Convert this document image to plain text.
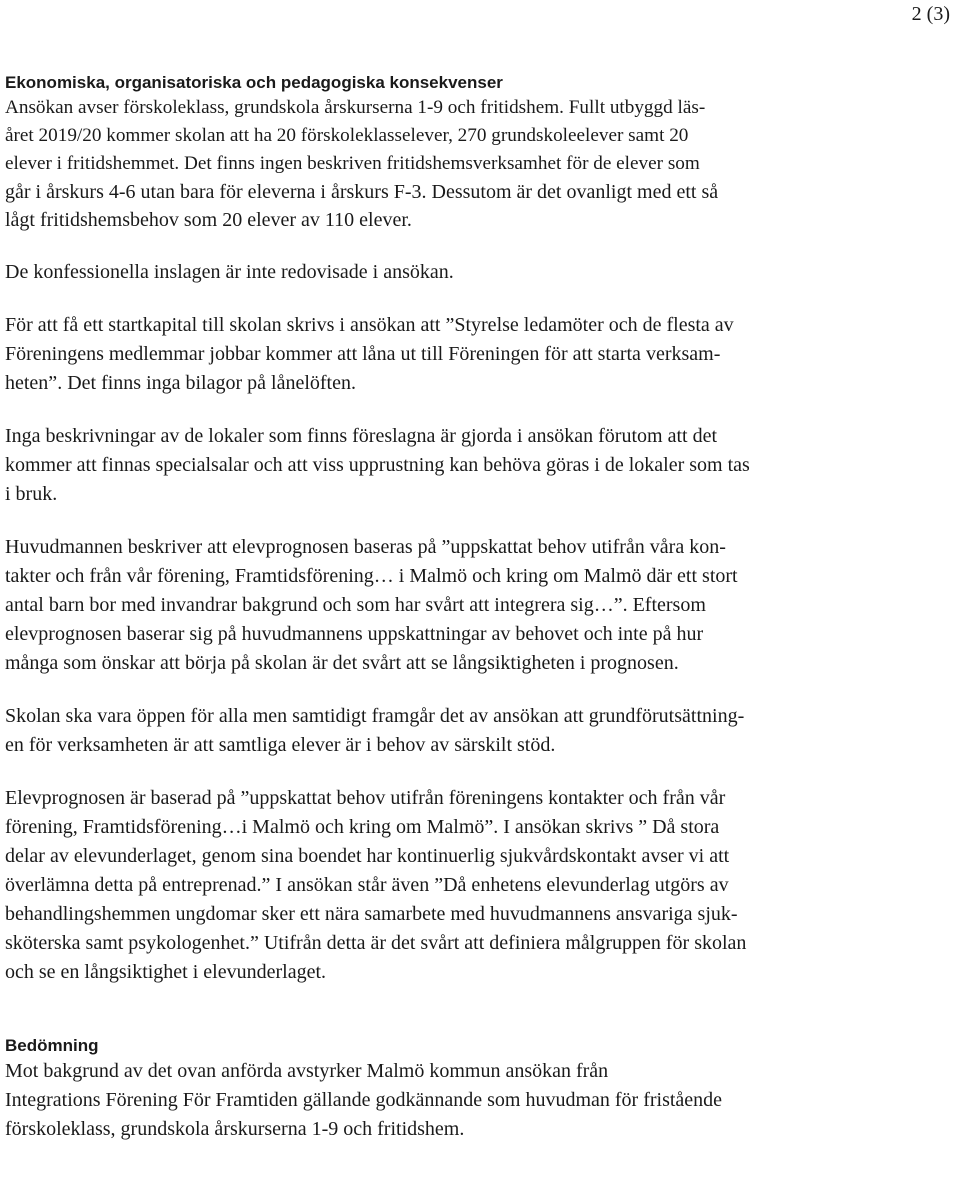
2 (3)
Ekonomiska, organisatoriska och pedagogiska konsekvenser
Ansökan avser förskoleklass, grundskola årskurserna 1-9 och fritidshem. Fullt utbyggd läs-
året 2019/20 kommer skolan att ha 20 förskoleklasselever, 270 grundskoleelever samt 20
elever i fritidshemmet. Det finns ingen beskriven fritidshemsverksamhet för de elever som
går i årskurs 4-6 utan bara för eleverna i årskurs F-3. Dessutom är det ovanligt med ett så
lågt fritidshemsbehov som 20 elever av 110 elever.
De konfessionella inslagen är inte redovisade i ansökan.
För att få ett startkapital till skolan skrivs i ansökan att ”Styrelse ledamöter och de flesta av
Föreningens medlemmar jobbar kommer att låna ut till Föreningen för att starta verksam-
heten”. Det finns inga bilagor på lånelöften.
Inga beskrivningar av de lokaler som finns föreslagna är gjorda i ansökan förutom att det
kommer att finnas specialsalar och att viss upprustning kan behöva göras i de lokaler som tas
i bruk.
Huvudmannen beskriver att elevprognosen baseras på ”uppskattat behov utifrån våra kon-
takter och från vår förening, Framtidsförening… i Malmö och kring om Malmö där ett stort
antal barn bor med invandrar bakgrund och som har svårt att integrera sig…”. Eftersom
elevprognosen baserar sig på huvudmannens uppskattningar av behovet och inte på hur
många som önskar att börja på skolan är det svårt att se långsiktigheten i prognosen.
Skolan ska vara öppen för alla men samtidigt framgår det av ansökan att grundförutsättning-
en för verksamheten är att samtliga elever är i behov av särskilt stöd.
Elevprognosen är baserad på ”uppskattat behov utifrån föreningens kontakter och från vår
förening, Framtidsförening…i Malmö och kring om Malmö”. I ansökan skrivs ” Då stora
delar av elevunderlaget, genom sina boendet har kontinuerlig sjukvårdskontakt avser vi att
överlämna detta på entreprenad.” I ansökan står även ”Då enhetens elevunderlag utgörs av
behandlingshemmen ungdomar sker ett nära samarbete med huvudmannens ansvariga sjuk-
sköterska samt psykologenhet.” Utifrån detta är det svårt att definiera målgruppen för skolan
och se en långsiktighet i elevunderlaget.
Bedömning
Mot bakgrund av det ovan anförda avstyrker Malmö kommun ansökan från
Integrations Förening För Framtiden gällande godkännande som huvudman för fristående
förskoleklass, grundskola årskurserna 1-9 och fritidshem.
